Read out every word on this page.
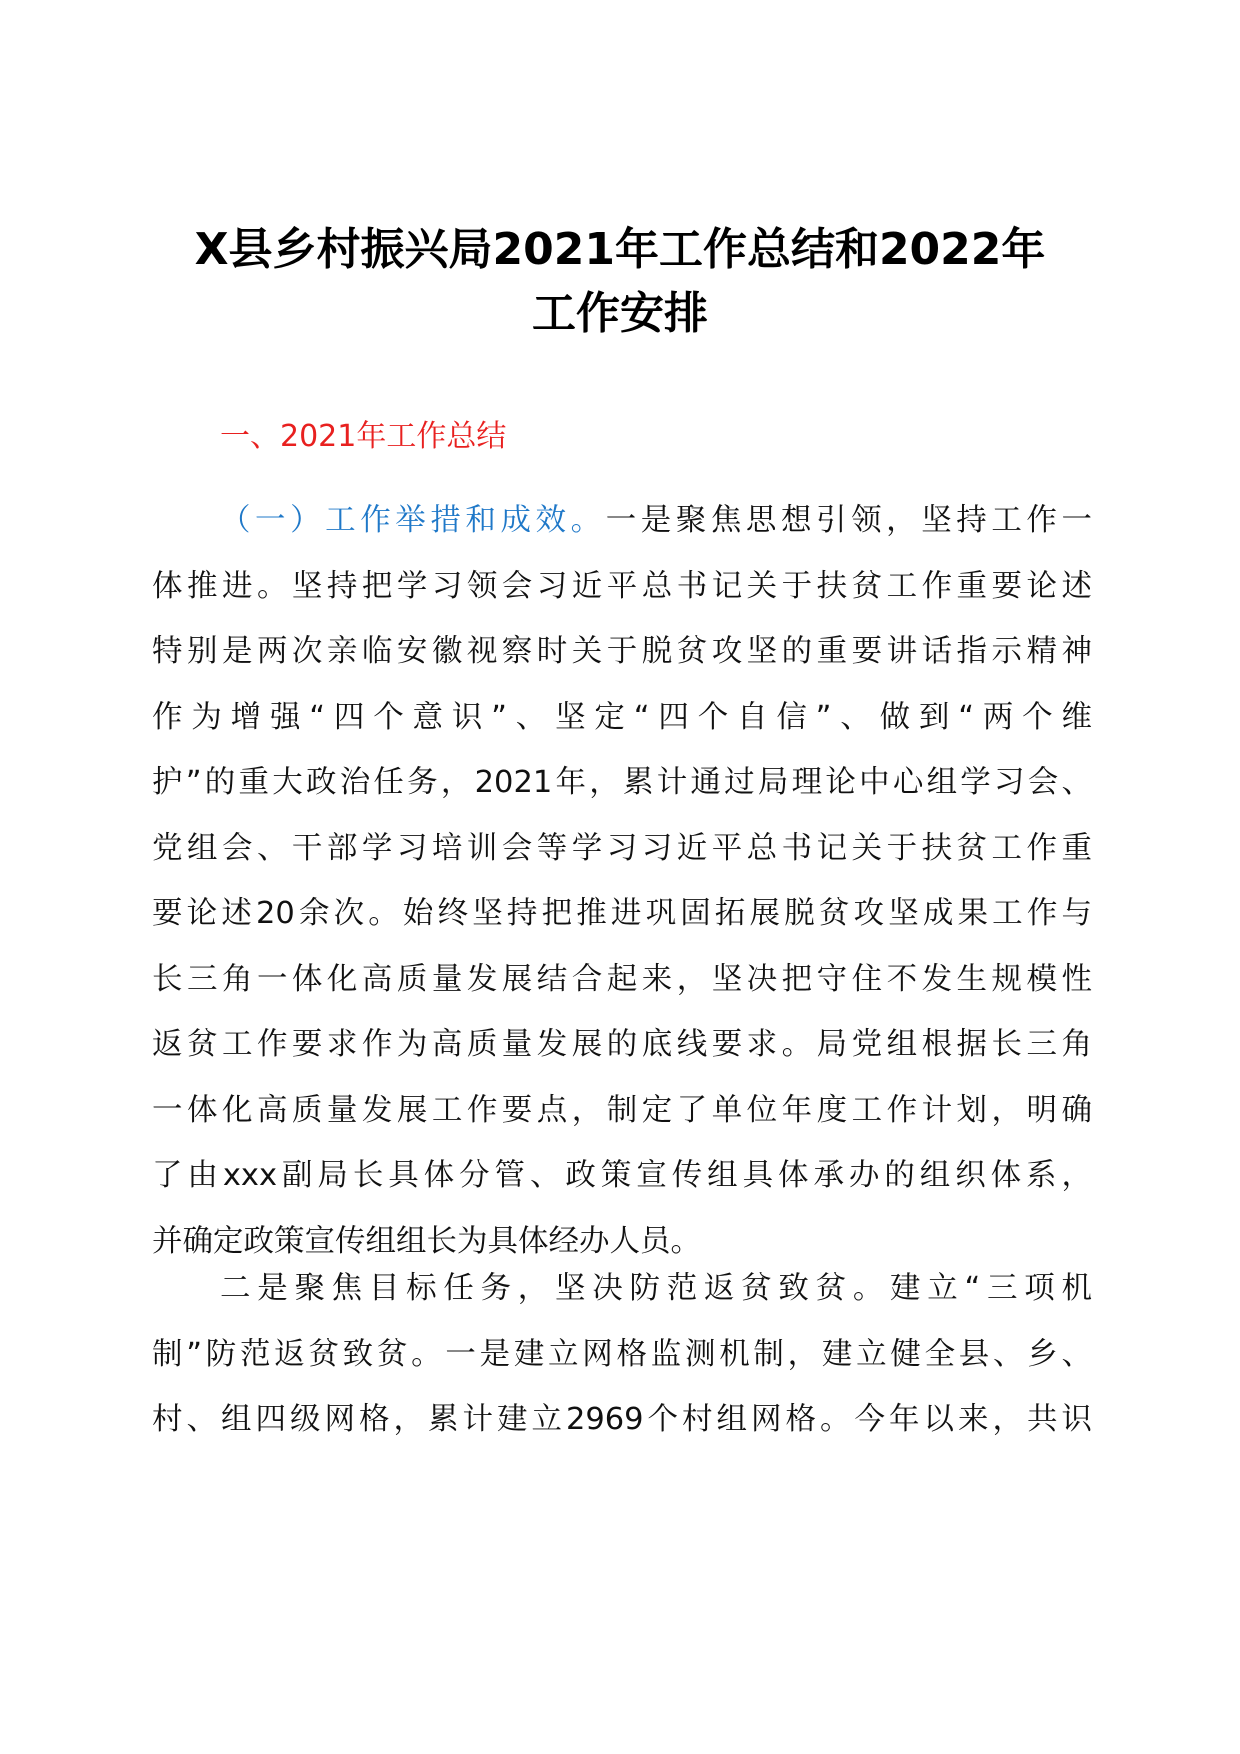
X县乡村振兴局2021年工作总结和2022年
工作安排

一、2021年工作总结

（一）工作举措和成效。一是聚焦思想引领，坚持工作一
体推进。坚持把学习领会习近平总书记关于扶贫工作重要论述
特别是两次亲临安徽视察时关于脱贫攻坚的重要讲话指示精神
作为增强“四个意识”、坚定“四个自信”、做到“两个维
护”的重大政治任务，2021年，累计通过局理论中心组学习会、
党组会、干部学习培训会等学习习近平总书记关于扶贫工作重
要论述20余次。始终坚持把推进巩固拓展脱贫攻坚成果工作与
长三角一体化高质量发展结合起来，坚决把守住不发生规模性
返贫工作要求作为高质量发展的底线要求。局党组根据长三角
一体化高质量发展工作要点，制定了单位年度工作计划，明确
了由xxx副局长具体分管、政策宣传组具体承办的组织体系，
并确定政策宣传组组长为具体经办人员。
二是聚焦目标任务，坚决防范返贫致贫。建立“三项机
制”防范返贫致贫。一是建立网格监测机制，建立健全县、乡、
村、组四级网格，累计建立2969个村组网格。今年以来，共识
